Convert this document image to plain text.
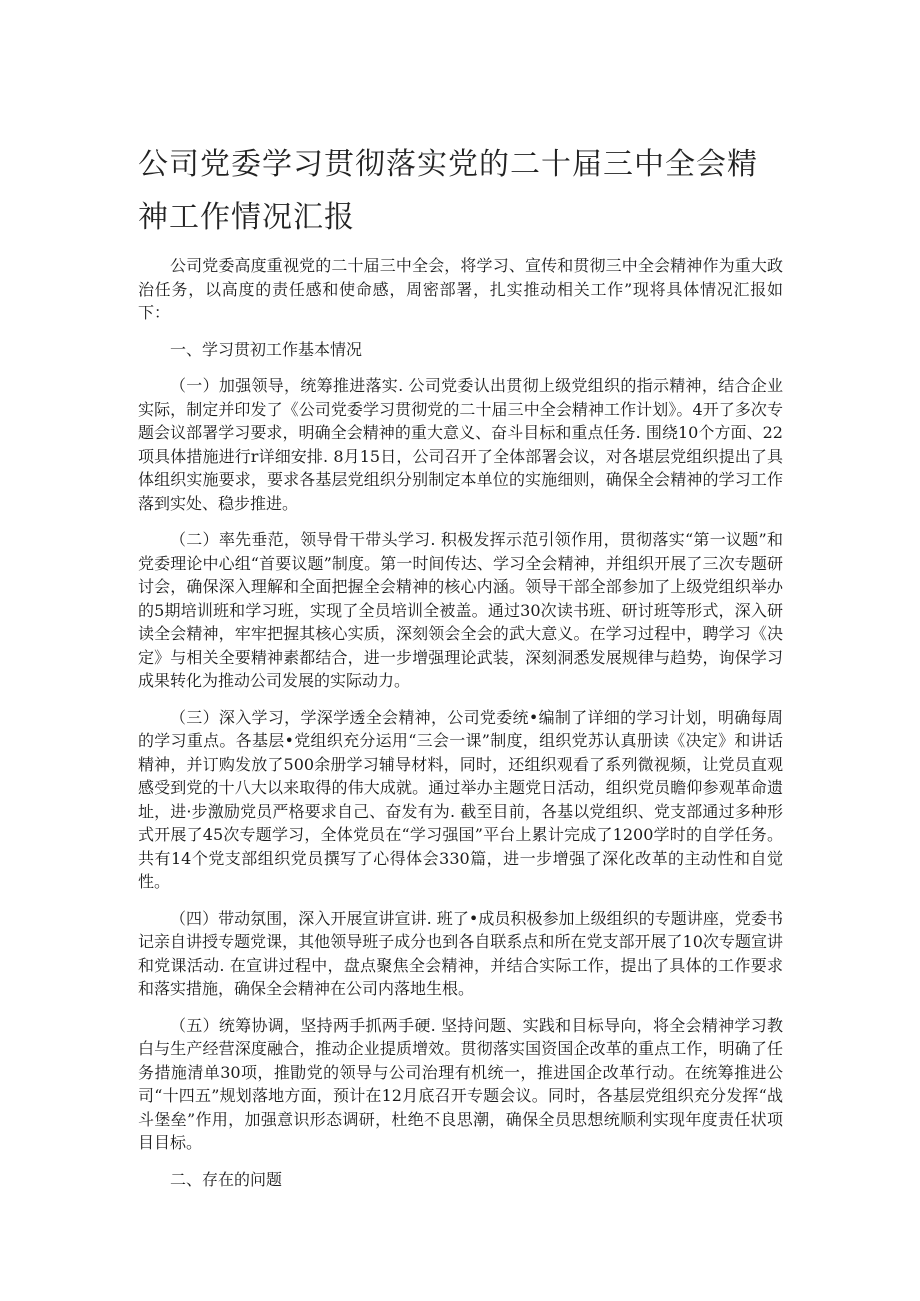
公司党委学习贯彻落实党的二十届三中全会精神工作情况汇报

公司党委高度重视党的二十届三中全会，将学习、宣传和贯彻三中全会精神作为重大政治任务，以高度的责任感和使命感，周密部署，扎实推动相关工作”现将具体情况汇报如下：

一、学习贯初工作基本情况

（一）加强领导，统筹推进落实. 公司党委认出贯彻上级党组织的指示精神，结合企业实际，制定并印发了《公司党委学习贯彻党的二十届三中全会精神工作计划》。4开了多次专题会议部署学习要求，明确全会精神的重大意义、奋斗目标和重点任务. 围绕10个方面、22项具体措施进行r详细安排. 8月15日，公司召开了全体部署会议，对各堪层党组织提出了具体组织实施要求，要求各基层党组织分别制定本单位的实施细则，确保全会精神的学习工作落到实处、稳步推进。

（二）率先垂范，领导骨干带头学习. 积极发挥示范引领作用，贯彻落实“第一议题”和党委理论中心组“首要议题”制度。第一时间传达、学习全会精神，并组织开展了三次专题研讨会，确保深入理解和全面把握全会精神的核心内涵。领导干部全部参加了上级党组织举办的5期培训班和学习班，实现了全员培训全被盖。通过30次读书班、研讨班等形式，深入研读全会精神，牢牢把握其核心实质，深刻领会全会的武大意义。在学习过程中，聘学习《决定》与相关全要精神素都结合，进一步增强理论武装，深刻洞悉发展规律与趋势，询保学习成果转化为推动公司发展的实际动力。

（三）深入学习，学深学透全会精神，公司党委统•编制了详细的学习计划，明确每周的学习重点。各基层•党组织充分运用“三会一课”制度，组织党苏认真册读《决定》和讲话精神，并订购发放了500余册学习辅导材料，同时，还组织观看了系列微视频，让党员直观感受到党的十八大以来取得的伟大成就。通过举办主题党日活动，组织党员瞻仰参观革命遗址，进·步激励党员严格要求自己、奋发有为. 截至目前，各基以党组织、党支部通过多种形式开展了45次专题学习，全体党员在“学习强国”平台上累计完成了1200学时的自学任务。共有14个党支部组织党员撰写了心得体会330篇，进一步增强了深化改革的主动性和自觉性。

（四）带动氛围，深入开展宣讲宣讲. 班了•成员积极参加上级组织的专题讲座，党委书记亲自讲授专题党课，其他领导班子成分也到各自联系点和所在党支部开展了10次专题宣讲和党课活动. 在宣讲过程中，盘点聚焦全会精神，并结合实际工作，提出了具体的工作要求和落实措施，确保全会精神在公司内落地生根。

（五）统筹协调，坚持两手抓两手硬. 坚持问题、实践和目标导向，将全会精神学习教白与生产经营深度融合，推动企业提质增效。贯彻落实国资国企改革的重点工作，明确了任务措施清单30项，推勖党的领导与公司治理有机统一，推进国企改革行动。在统筹推进公司“十四五”规划落地方面，预计在12月底召开专题会议。同时，各基层党组织充分发挥“战斗堡垒”作用，加强意识形态调研，杜绝不良思潮，确保全员思想统顺利实现年度责任状项目目标。

二、存在的问题
